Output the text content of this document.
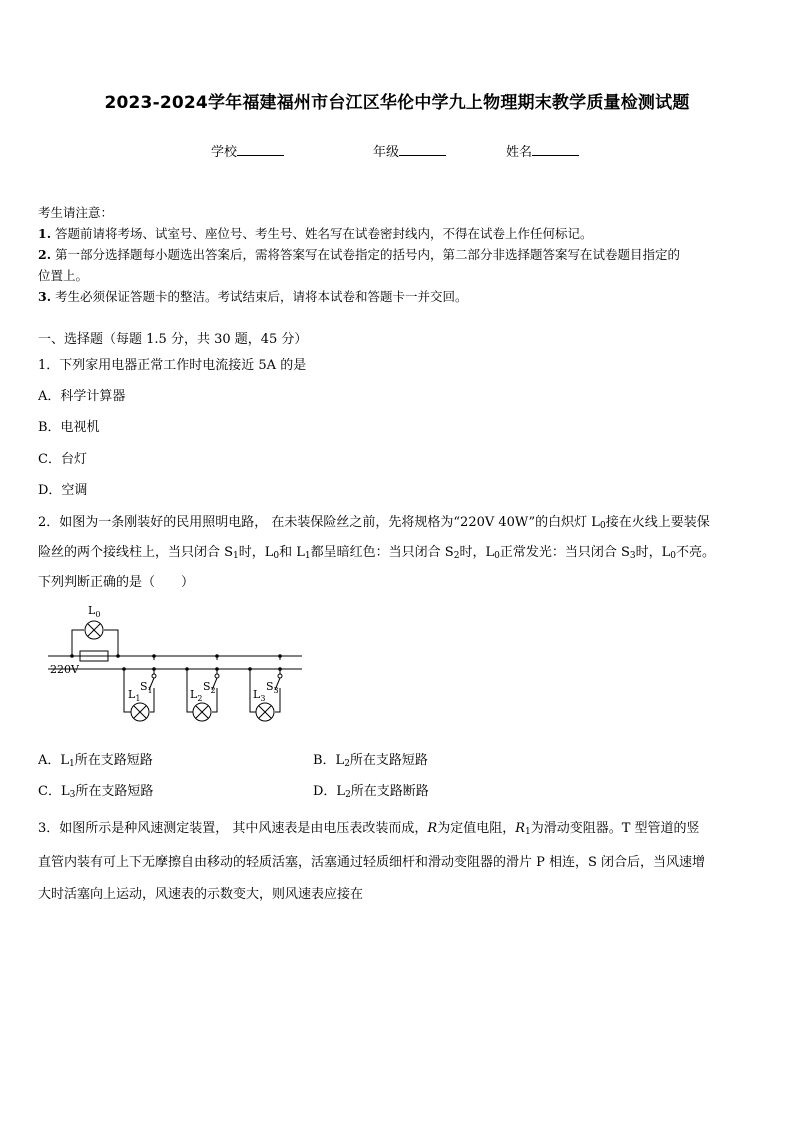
2023-2024学年福建福州市台江区华伦中学九上物理期末教学质量检测试题
学校	年级	姓名
考生请注意：
1. 答题前请将考场、试室号、座位号、考生号、姓名写在试卷密封线内，不得在试卷上作任何标记。
2. 第一部分选择题每小题选出答案后，需将答案写在试卷指定的括号内，第二部分非选择题答案写在试卷题目指定的
位置上。
3. 考生必须保证答题卡的整洁。考试结束后，请将本试卷和答题卡一并交回。
一、选择题（每题 1.5 分，共 30 题，45 分）
1．下列家用电器正常工作时电流接近 5A 的是
A．科学计算器
B．电视机
C．台灯
D．空调
2．如图为一条刚装好的民用照明电路， 在未装保险丝之前，先将规格为“220V 40W”的白炽灯 $L_0$接在火线上要装保
险丝的两个接线柱上，当只闭合 $S_1$时，$L_0$和 $L_1$都呈暗红色：当只闭合 $S_2$时，$L_0$正常发光：当只闭合 $S_3$时，$L_0$不亮。
下列判断正确的是（　　）
$L_0$
220V
$S_1$
$L_1$
$S_2$
$L_2$
$S_3$
$L_3$
A．$L_1$所在支路短路	B．$L_2$所在支路短路
C．$L_3$所在支路短路	D．$L_2$所在支路断路
3．如图所示是种风速测定装置， 其中风速表是由电压表改装而成，R为定值电阻，$R_1$为滑动变阻器。T 型管道的竖
直管内装有可上下无摩擦自由移动的轻质活塞，活塞通过轻质细杆和滑动变阻器的滑片 P 相连，S 闭合后，当风速增
大时活塞向上运动，风速表的示数变大，则风速表应接在
